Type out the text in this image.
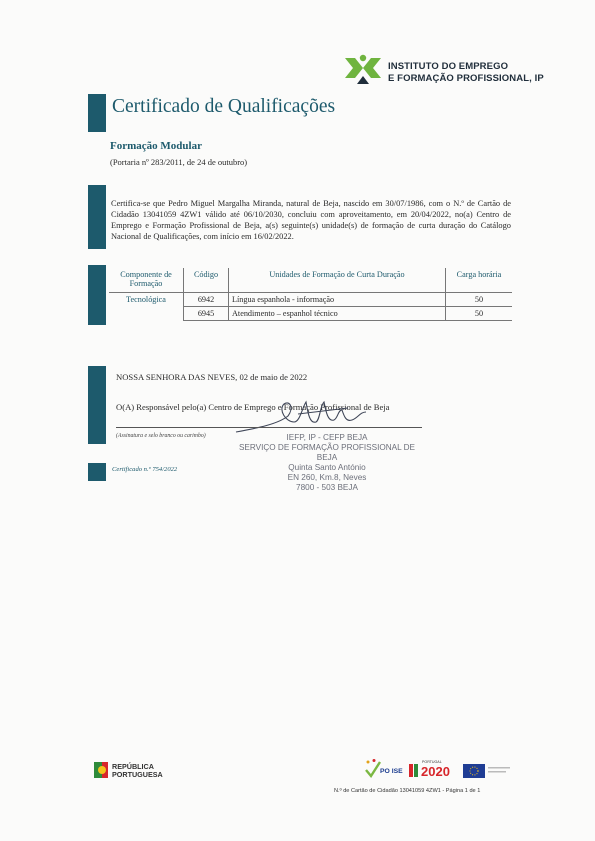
INSTITUTO DO EMPREGO
E FORMAÇÃO PROFISSIONAL, IP
Certificado de Qualificações
Formação Modular
(Portaria nº 283/2011, de 24 de outubro)
Certifica-se que Pedro Miguel Margalha Miranda, natural de Beja, nascido em 30/07/1986, com o N.º de Cartão de Cidadão 13041059 4ZW1 válido até 06/10/2030, concluiu com aproveitamento, em 20/04/2022, no(a) Centro de Emprego e Formação Profissional de Beja, a(s) seguinte(s) unidade(s) de formação de curta duração do Catálogo Nacional de Qualificações, com início em 16/02/2022.
Componente de Formação	Código	Unidades de Formação de Curta Duração	Carga horária
Tecnológica	6942	Língua espanhola - informação	50
	6945	Atendimento – espanhol técnico	50
NOSSA SENHORA DAS NEVES, 02 de maio de 2022
O(A) Responsável pelo(a) Centro de Emprego e Formação Profissional de Beja
(Assinatura e selo branco ou carimbo)
Certificado n.º 754/2022
IEFP, IP - CEFP BEJA
SERVIÇO DE FORMAÇÃO PROFISSIONAL DE BEJA
Quinta Santo António
EN 260, Km.8, Neves
7800 - 503 BEJA
REPÚBLICA
PORTUGUESA	PO ISE
PORTUGAL
2020
N.º de Cartão de Cidadão 13041059 4ZW1 - Página 1 de 1
